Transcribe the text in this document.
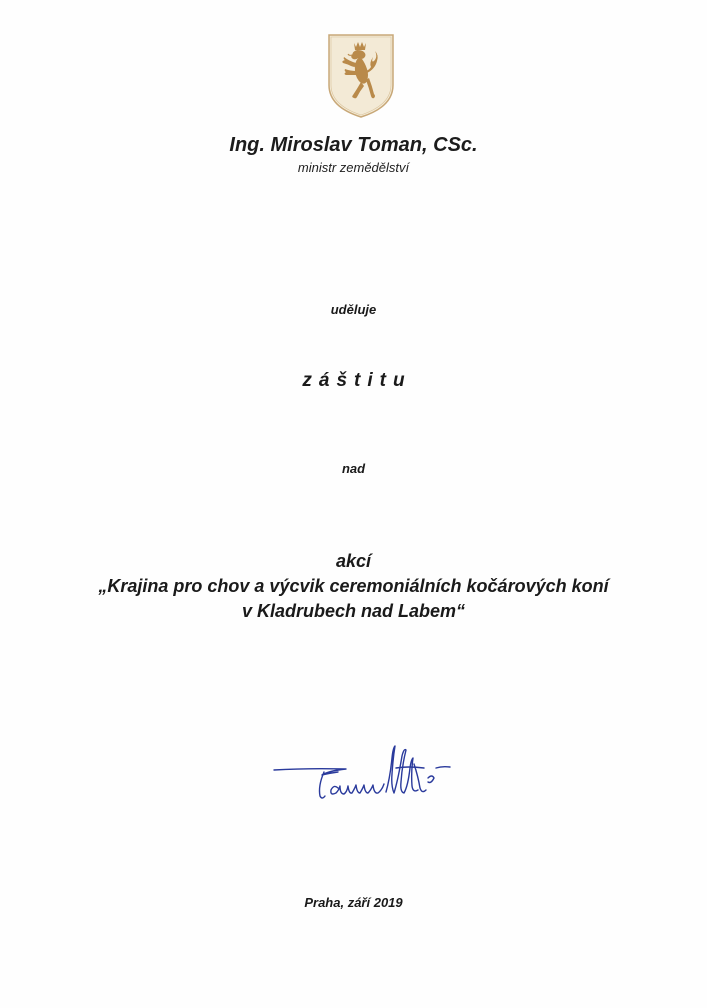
Ing. Miroslav Toman, CSc.
ministr zemědělství
uděluje
záštitu
nad
akcí
„Krajina pro chov a výcvik ceremoniálních kočárových koní
v Kladrubech nad Labem“
Praha, září 2019
